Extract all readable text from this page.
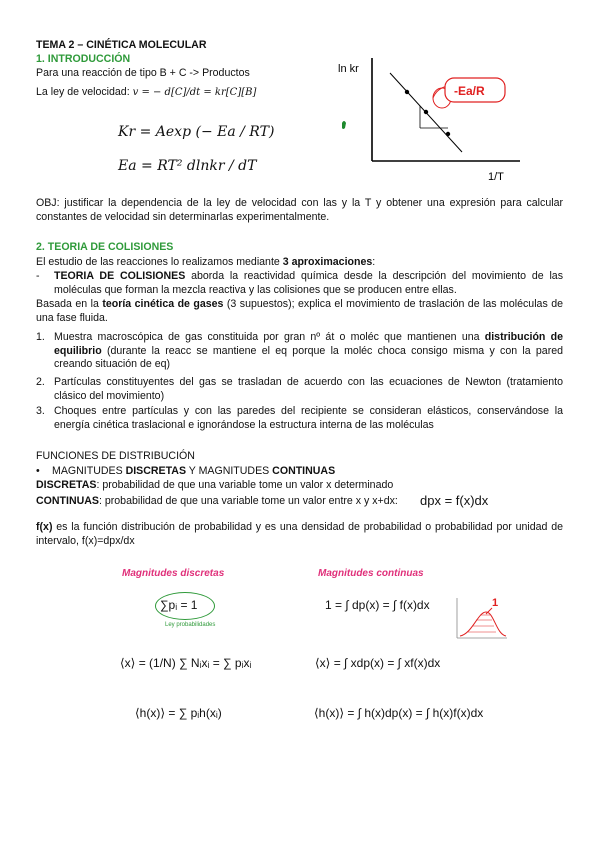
TEMA 2 – CINÉTICA MOLECULAR
1. INTRODUCCIÓN
Para una reacción de tipo B + C -> Productos
La ley de velocidad: v = − d[C]/dt = kr[C][B]
Kr = Aexp (− Ea / RT)
Ea = RT² dlnkr / dT
ln kr
1/T
-Ea/R
OBJ: justificar la dependencia de la ley de velocidad con las y la T y obtener una expresión para calcular constantes de velocidad sin determinarlas experimentalmente.
2. TEORIA DE COLISIONES
El estudio de las reacciones lo realizamos mediante 3 aproximaciones:
- TEORIA DE COLISIONES aborda la reactividad química desde la descripción del movimiento de las moléculas que forman la mezcla reactiva y las colisiones que se producen entre ellas.
Basada en la teoría cinética de gases (3 supuestos); explica el movimiento de traslación de las moléculas de una fase fluida.
1. Muestra macroscópica de gas constituida por gran nº át o moléc que mantienen una distribución de equilibrio (durante la reacc se mantiene el eq porque la moléc choca consigo misma y con la pared creando situación de eq)
2. Partículas constituyentes del gas se trasladan de acuerdo con las ecuaciones de Newton (tratamiento clásico del movimiento)
3. Choques entre partículas y con las paredes del recipiente se consideran elásticos, conservándose la energía cinética traslacional e ignorándose la estructura interna de las moléculas
FUNCIONES DE DISTRIBUCIÓN
• MAGNITUDES DISCRETAS Y MAGNITUDES CONTINUAS
DISCRETAS: probabilidad de que una variable tome un valor x determinado
CONTINUAS: probabilidad de que una variable tome un valor entre x y x+dx: dpx = f(x)dx
f(x) es la función distribución de probabilidad y es una densidad de probabilidad o probabilidad por unidad de intervalo, f(x)=dpx/dx
Magnitudes discretas	Magnitudes continuas
∑pᵢ = 1
Ley probabilidades
⟨x⟩ = (1/N) ∑ Nᵢxᵢ = ∑ pᵢxᵢ
⟨h(x)⟩ = ∑ pᵢh(xᵢ)
1 = ∫ dp(x) = ∫ f(x)dx
⟨x⟩ = ∫ xdp(x) = ∫ xf(x)dx
⟨h(x)⟩ = ∫ h(x)dp(x) = ∫ h(x)f(x)dx
1
